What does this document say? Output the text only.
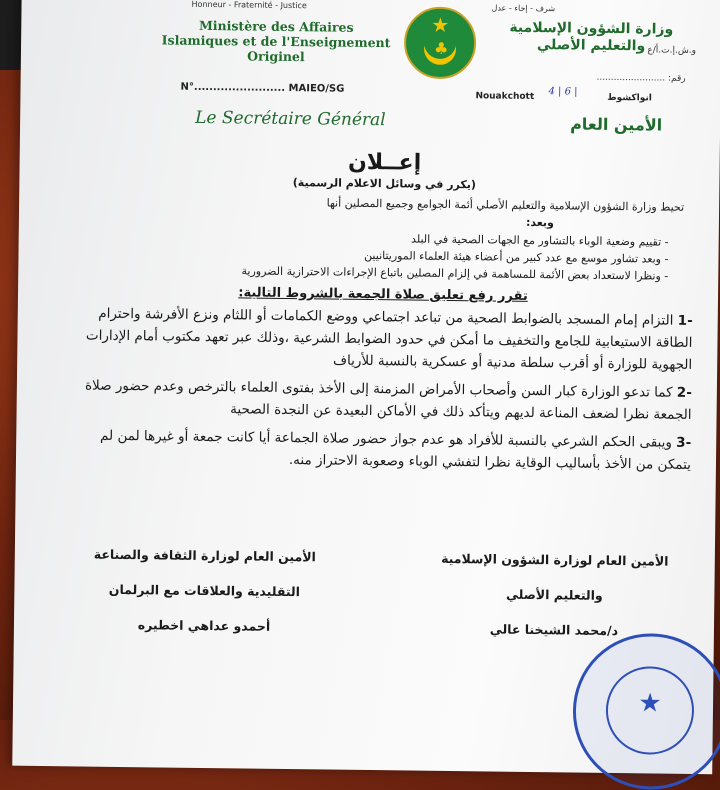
Honneur - Fraternité - Justice	شرف - إخاء - عدل
Ministère des Affaires
Islamiques et de l'Enseignement
Originel
★
♣
وزارة الشؤون الإسلامية
والتعليم الأصلي و.ش.إ.ت.أ/ع
رقم: ........................
N°........................ MAIEO/SG
Nouakchott	انواكشوط
4 | 6 |
Le Secrétaire Général	الأمين العام
إعــلان
(يكرر في وسائل الاعلام الرسمية)
تحيط وزارة الشؤون الإسلامية والتعليم الأصلي أئمة الجوامع وجميع المصلين أنها
وبعد:
- تقييم وضعية الوباء بالتشاور مع الجهات الصحية في البلد
- وبعد تشاور موسع مع عدد كبير من أعضاء هيئة العلماء الموريتانيين
- ونظرا لاستعداد بعض الأئمة للمساهمة في إلزام المصلين باتباع الإجراءات الاحترازية الضرورية
تقرر رفع تعليق صلاة الجمعة بالشروط التالية:
-1 التزام إمام المسجد بالضوابط الصحية من تباعد اجتماعي ووضع الكمامات أو اللثام ونزع الأفرشة واحترام الطاقة الاستيعابية للجامع والتخفيف ما أمكن في حدود الضوابط الشرعية ،وذلك عبر تعهد مكتوب أمام الإدارات الجهوية للوزارة أو أقرب سلطة مدنية أو عسكرية بالنسبة للأرياف
-2 كما تدعو الوزارة كبار السن وأصحاب الأمراض المزمنة إلى الأخذ بفتوى العلماء بالترخص وعدم حضور صلاة الجمعة نظرا لضعف المناعة لديهم ويتأكد ذلك في الأماكن البعيدة عن النجدة الصحية
-3 ويبقى الحكم الشرعي بالنسبة للأفراد هو عدم جواز حضور صلاة الجماعة أيا كانت جمعة أو غيرها لمن لم يتمكن من الأخذ بأساليب الوقاية نظرا لتفشي الوباء وصعوبة الاحتراز منه.
الأمين العام لوزارة الشؤون الإسلامية
والتعليم الأصلي
د/محمد الشيخنا عالي
الأمين العام لوزارة الثقافة والصناعة
التقليدية والعلاقات مع البرلمان
أحمدو عداهي اخطيره
★
